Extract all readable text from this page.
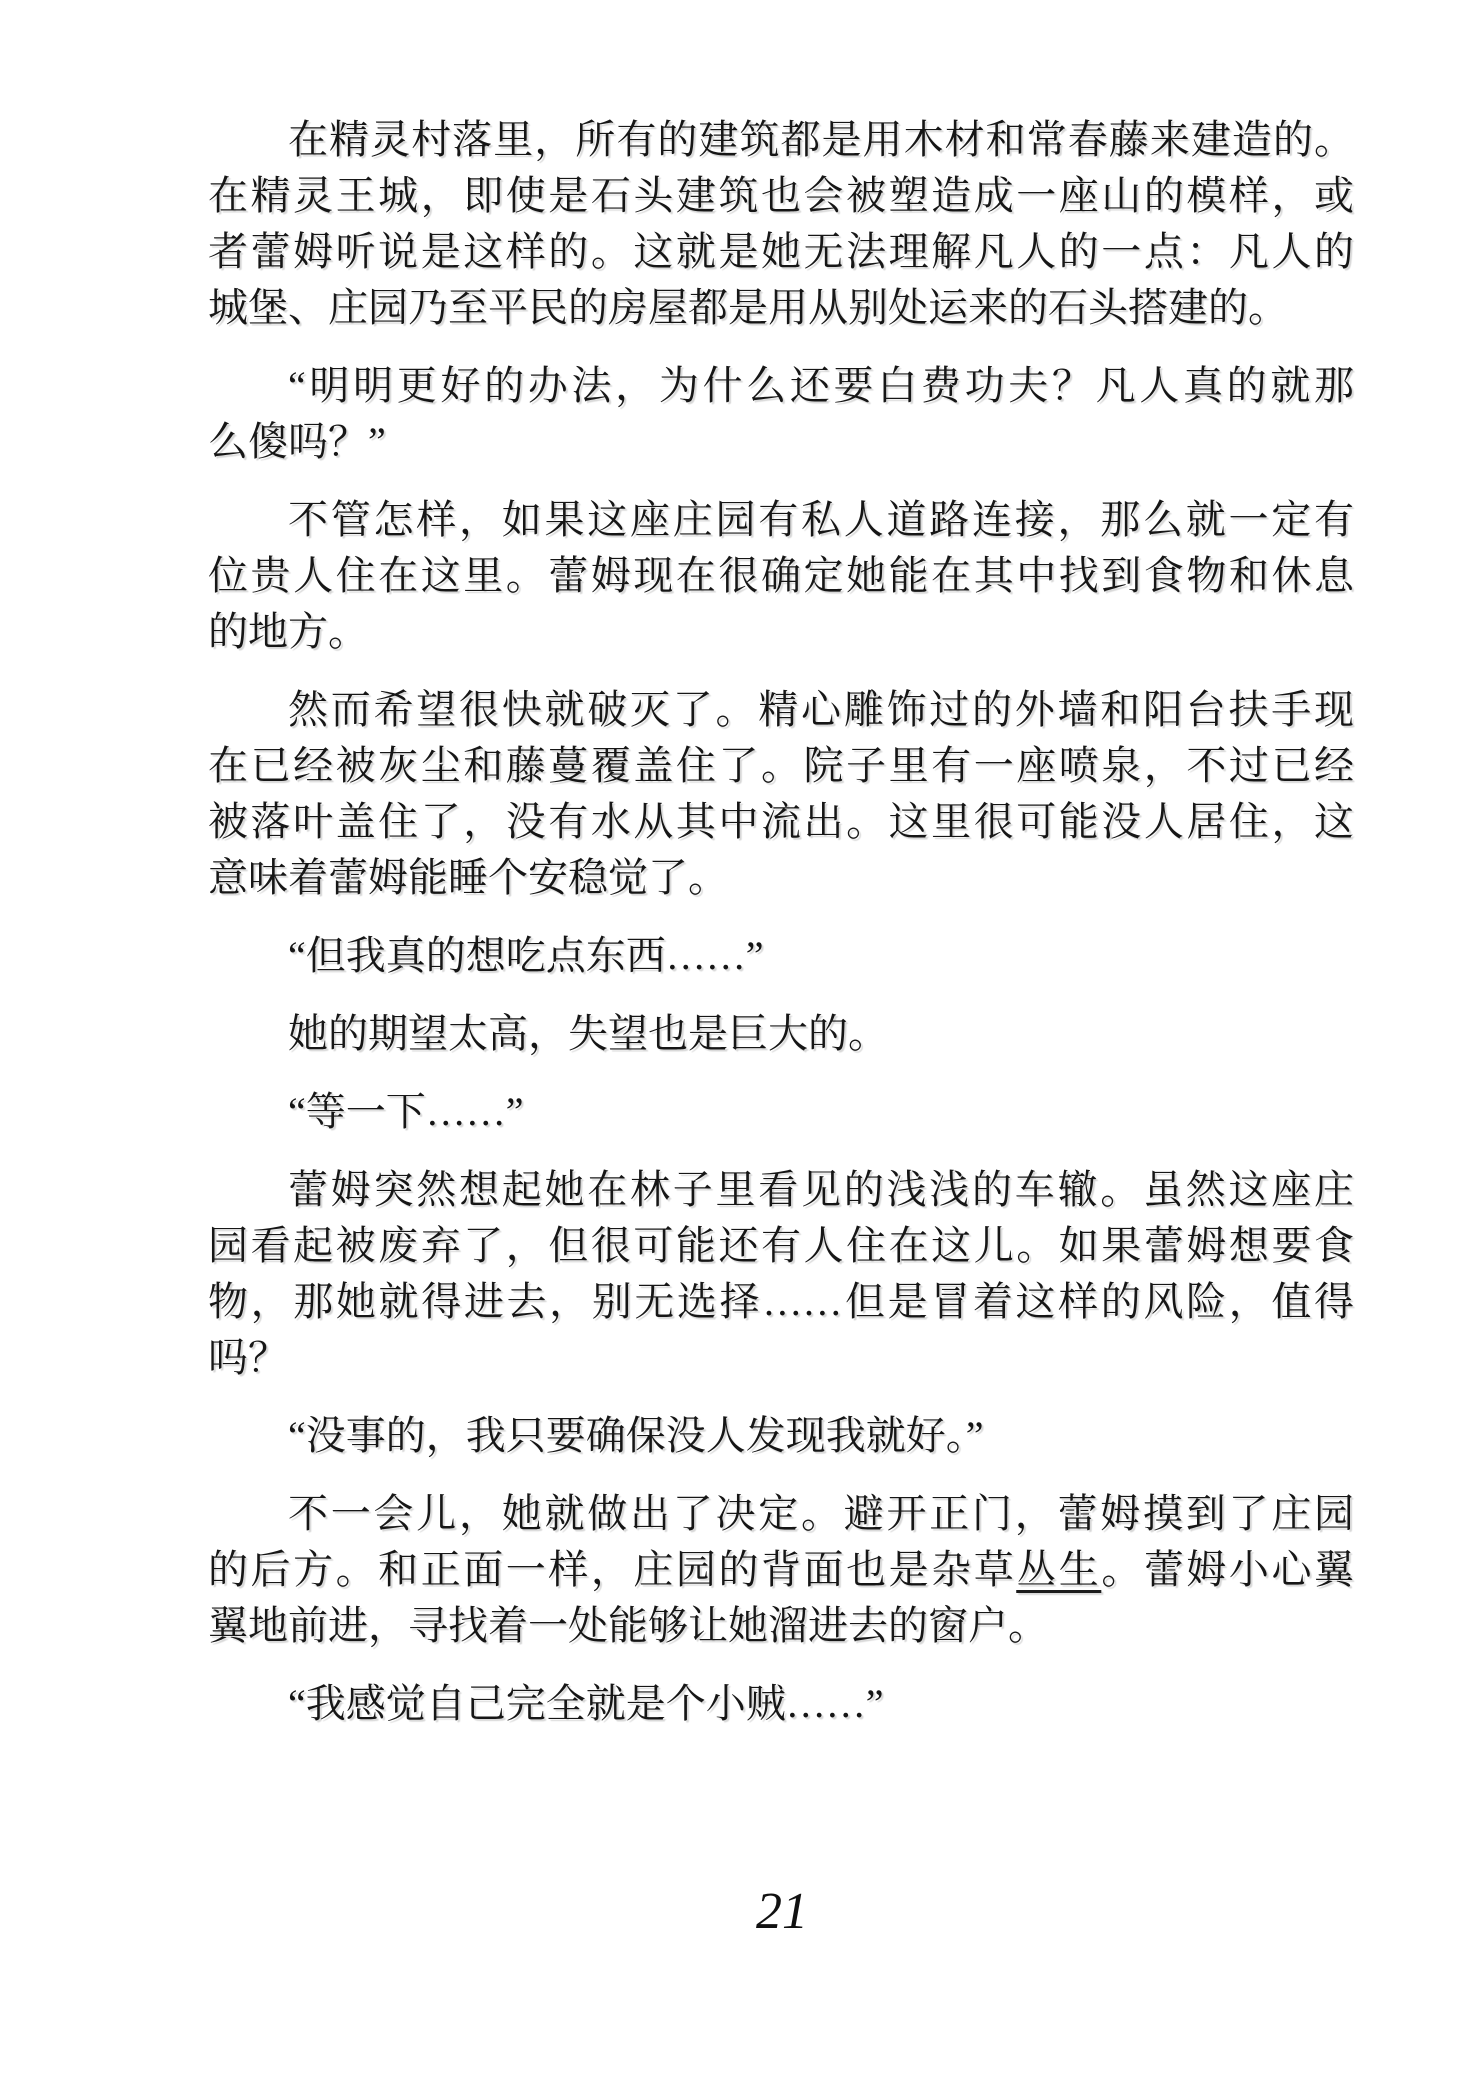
在精灵村落里，所有的建筑都是用木材和常春藤来建造的。
在精灵王城，即使是石头建筑也会被塑造成一座山的模样，或
者蕾姆听说是这样的。这就是她无法理解凡人的一点：凡人的
城堡、庄园乃至平民的房屋都是用从别处运来的石头搭建的。
“明明更好的办法，为什么还要白费功夫？凡人真的就那
么傻吗？”
不管怎样，如果这座庄园有私人道路连接，那么就一定有
位贵人住在这里。蕾姆现在很确定她能在其中找到食物和休息
的地方。
然而希望很快就破灭了。精心雕饰过的外墙和阳台扶手现
在已经被灰尘和藤蔓覆盖住了。院子里有一座喷泉，不过已经
被落叶盖住了，没有水从其中流出。这里很可能没人居住，这
意味着蕾姆能睡个安稳觉了。
“但我真的想吃点东西……”
她的期望太高，失望也是巨大的。
“等一下……”
蕾姆突然想起她在林子里看见的浅浅的车辙。虽然这座庄
园看起被废弃了，但很可能还有人住在这儿。如果蕾姆想要食
物，那她就得进去，别无选择……但是冒着这样的风险，值得
吗？
“没事的，我只要确保没人发现我就好。”
不一会儿，她就做出了决定。避开正门，蕾姆摸到了庄园
的后方。和正面一样，庄园的背面也是杂草丛生。蕾姆小心翼
翼地前进，寻找着一处能够让她溜进去的窗户。
“我感觉自己完全就是个小贼……”
21
